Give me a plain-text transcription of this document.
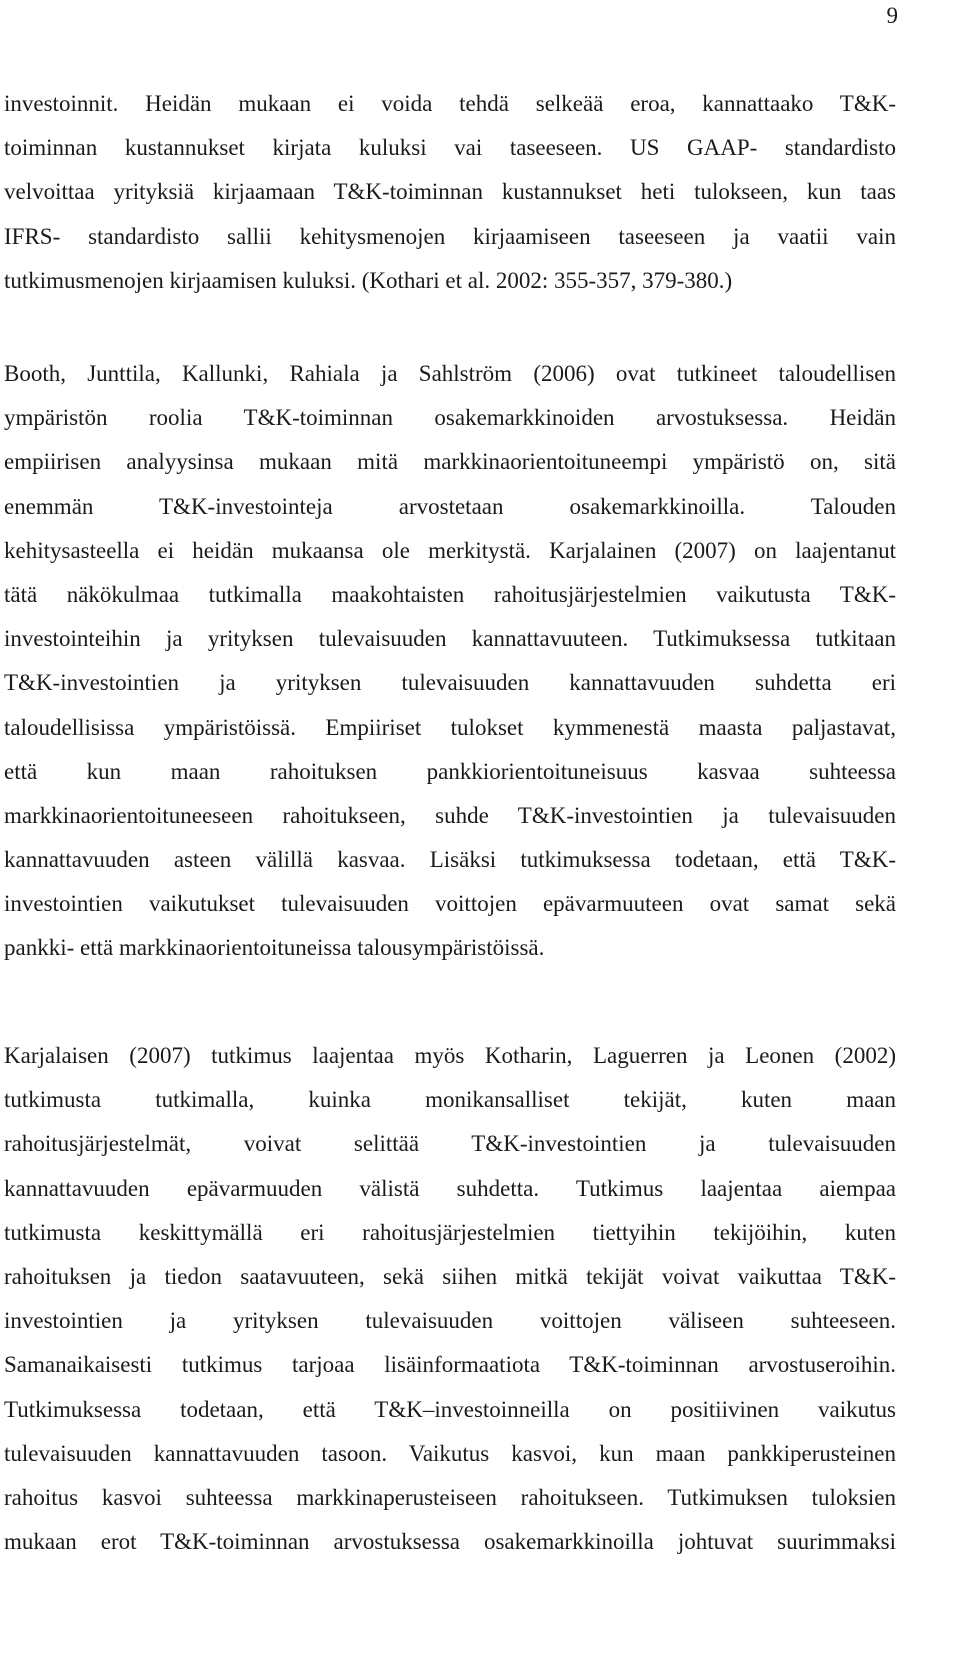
9
investoinnit. Heidän mukaan ei voida tehdä selkeää eroa, kannattaako T&K-
toiminnan kustannukset kirjata kuluksi vai taseeseen. US GAAP- standardisto
velvoittaa yrityksiä kirjaamaan T&K-toiminnan kustannukset heti tulokseen, kun taas
IFRS- standardisto sallii kehitysmenojen kirjaamiseen taseeseen ja vaatii vain
tutkimusmenojen kirjaamisen kuluksi. (Kothari et al. 2002: 355-357, 379-380.)
Booth, Junttila, Kallunki, Rahiala ja Sahlström (2006) ovat tutkineet taloudellisen
ympäristön roolia T&K-toiminnan osakemarkkinoiden arvostuksessa. Heidän
empiirisen analyysinsa mukaan mitä markkinaorientoituneempi ympäristö on, sitä
enemmän T&K-investointeja arvostetaan osakemarkkinoilla. Talouden
kehitysasteella ei heidän mukaansa ole merkitystä. Karjalainen (2007) on laajentanut
tätä näkökulmaa tutkimalla maakohtaisten rahoitusjärjestelmien vaikutusta T&K-
investointeihin ja yrityksen tulevaisuuden kannattavuuteen. Tutkimuksessa tutkitaan
T&K-investointien ja yrityksen tulevaisuuden kannattavuuden suhdetta eri
taloudellisissa ympäristöissä. Empiiriset tulokset kymmenestä maasta paljastavat,
että kun maan rahoituksen pankkiorientoituneisuus kasvaa suhteessa
markkinaorientoituneeseen rahoitukseen, suhde T&K-investointien ja tulevaisuuden
kannattavuuden asteen välillä kasvaa. Lisäksi tutkimuksessa todetaan, että T&K-
investointien vaikutukset tulevaisuuden voittojen epävarmuuteen ovat samat sekä
pankki- että markkinaorientoituneissa talousympäristöissä.
Karjalaisen (2007) tutkimus laajentaa myös Kotharin, Laguerren ja Leonen (2002)
tutkimusta tutkimalla, kuinka monikansalliset tekijät, kuten maan
rahoitusjärjestelmät, voivat selittää T&K-investointien ja tulevaisuuden
kannattavuuden epävarmuuden välistä suhdetta. Tutkimus laajentaa aiempaa
tutkimusta keskittymällä eri rahoitusjärjestelmien tiettyihin tekijöihin, kuten
rahoituksen ja tiedon saatavuuteen, sekä siihen mitkä tekijät voivat vaikuttaa T&K-
investointien ja yrityksen tulevaisuuden voittojen väliseen suhteeseen.
Samanaikaisesti tutkimus tarjoaa lisäinformaatiota T&K-toiminnan arvostuseroihin.
Tutkimuksessa todetaan, että T&K–investoinneilla on positiivinen vaikutus
tulevaisuuden kannattavuuden tasoon. Vaikutus kasvoi, kun maan pankkiperusteinen
rahoitus kasvoi suhteessa markkinaperusteiseen rahoitukseen. Tutkimuksen tuloksien
mukaan erot T&K-toiminnan arvostuksessa osakemarkkinoilla johtuvat suurimmaksi
